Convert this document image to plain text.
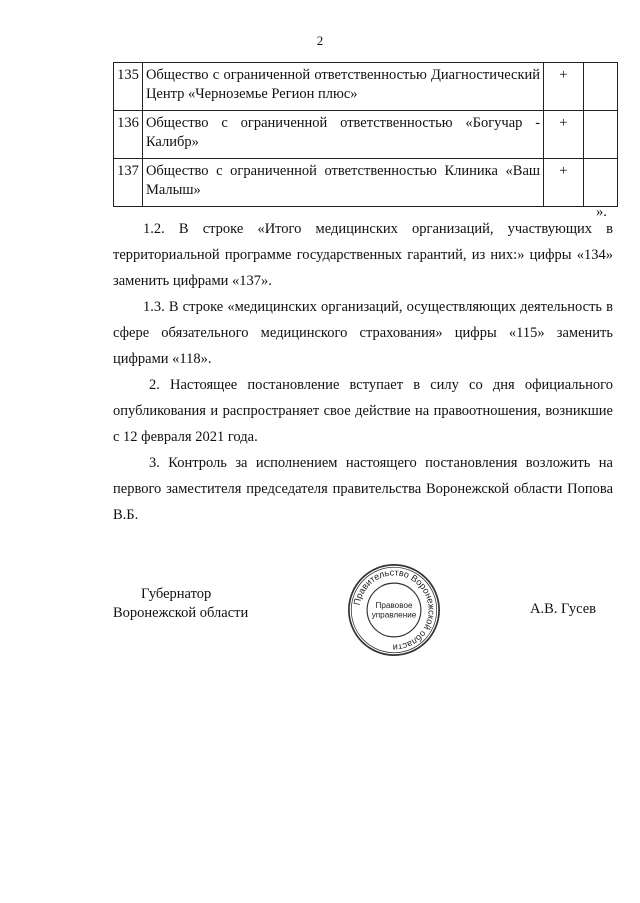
2
135	Общество с ограниченной ответственностью Диагностический Центр «Черноземье Регион плюс»	+	
136	Общество с ограниченной ответственностью «Богучар - Калибр»	+	
137	Общество с ограниченной ответственностью Клиника «Ваш Малыш»	+	
».

1.2. В строке «Итого медицинских организаций, участвующих в территориальной программе государственных гарантий, из них:» цифры «134» заменить цифрами «137».

1.3. В строке «медицинских организаций, осуществляющих деятельность в сфере обязательного медицинского страхования» цифры «115» заменить цифрами «118».

2. Настоящее постановление вступает в силу со дня официального опубликования и распространяет свое действие на правоотношения, возникшие с 12 февраля 2021 года.

3. Контроль за исполнением настоящего постановления возложить на первого заместителя председателя правительства Воронежской области Попова В.Б.

Губернатор
Воронежской области
Правительство Воронежской области
Правовое
управление	А.В. Гусев
